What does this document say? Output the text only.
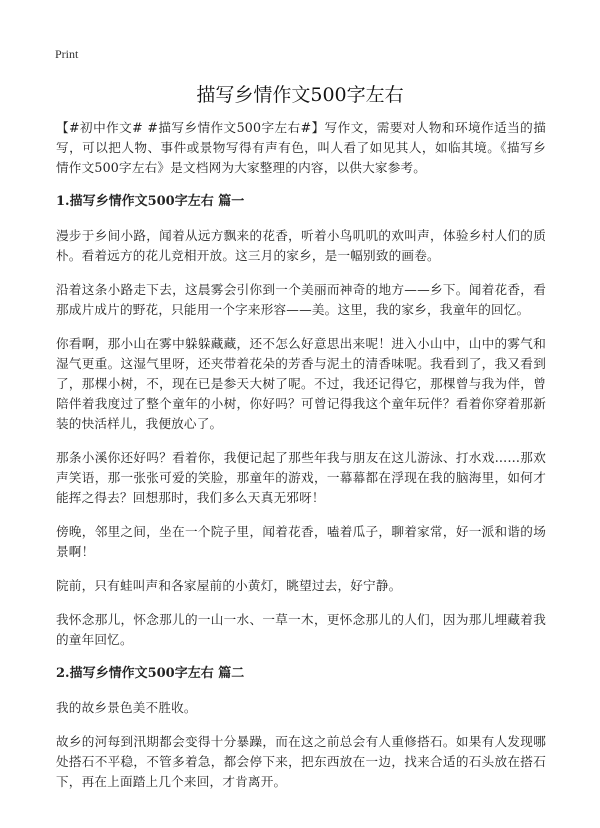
Print
描写乡情作文500字左右

【#初中作文# #描写乡情作文500字左右#】写作文，需要对人物和环境作适当的描写，可以把人物、事件或景物写得有声有色，叫人看了如见其人，如临其境。《描写乡情作文500字左右》是文档网为大家整理的内容，以供大家参考。

1.描写乡情作文500字左右 篇一

漫步于乡间小路，闻着从远方飘来的花香，听着小鸟叽叽的欢叫声，体验乡村人们的质朴。看着远方的花儿竞相开放。这三月的家乡，是一幅别致的画卷。

沿着这条小路走下去，这晨雾会引你到一个美丽而神奇的地方——乡下。闻着花香，看那成片成片的野花，只能用一个字来形容——美。这里，我的家乡，我童年的回忆。

你看啊，那小山在雾中躲躲藏藏，还不怎么好意思出来呢！进入小山中，山中的雾气和湿气更重。这湿气里呀，还夹带着花朵的芳香与泥土的清香味呢。我看到了，我又看到了，那棵小树，不，现在已是参天大树了呢。不过，我还记得它，那棵曾与我为伴，曾陪伴着我度过了整个童年的小树，你好吗？可曾记得我这个童年玩伴？看着你穿着那新装的快活样儿，我便放心了。

那条小溪你还好吗？看着你，我便记起了那些年我与朋友在这儿游泳、打水戏……那欢声笑语，那一张张可爱的笑脸，那童年的游戏，一幕幕都在浮现在我的脑海里，如何才能挥之得去？回想那时，我们多么天真无邪呀！

傍晚，邻里之间，坐在一个院子里，闻着花香，嗑着瓜子，聊着家常，好一派和谐的场景啊！

院前，只有蛙叫声和各家屋前的小黄灯，眺望过去，好宁静。

我怀念那儿，怀念那儿的一山一水、一草一木，更怀念那儿的人们，因为那儿埋藏着我的童年回忆。

2.描写乡情作文500字左右 篇二

我的故乡景色美不胜收。

故乡的河每到汛期都会变得十分暴躁，而在这之前总会有人重修搭石。如果有人发现哪处搭石不平稳，不管多着急，都会停下来，把东西放在一边，找来合适的石头放在搭石下，再在上面踏上几个来回，才肯离开。
